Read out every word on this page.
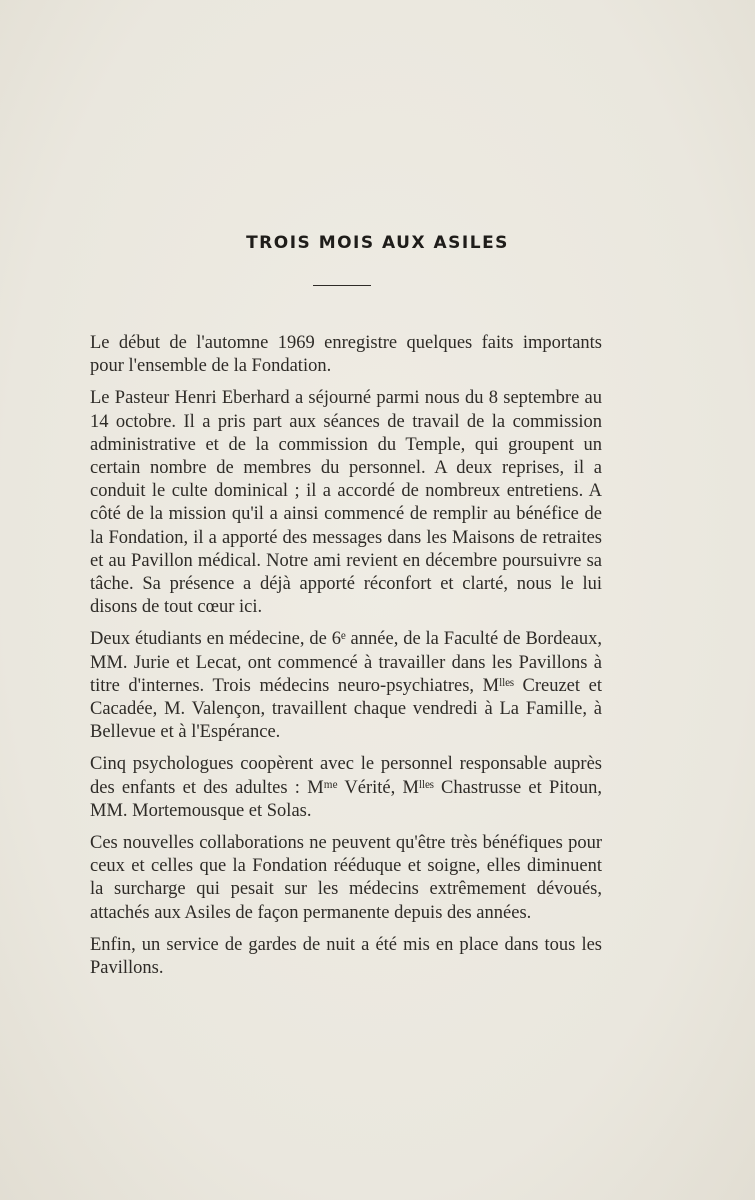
TROIS MOIS AUX ASILES

Le début de l'automne 1969 enregistre quelques faits importants pour l'ensemble de la Fondation.

Le Pasteur Henri Eberhard a séjourné parmi nous du 8 septembre au 14 octobre. Il a pris part aux séances de travail de la commission administrative et de la commission du Temple, qui groupent un certain nombre de membres du personnel. A deux reprises, il a conduit le culte dominical ; il a accordé de nombreux entretiens. A côté de la mission qu'il a ainsi commencé de remplir au bénéfice de la Fondation, il a apporté des messages dans les Maisons de retraites et au Pavillon médical. Notre ami revient en décembre poursuivre sa tâche. Sa présence a déjà apporté réconfort et clarté, nous le lui disons de tout cœur ici.

Deux étudiants en médecine, de 6ᵉ année, de la Faculté de Bordeaux, MM. Jurie et Lecat, ont commencé à travailler dans les Pavillons à titre d'internes. Trois médecins neuro-psychiatres, Mˡˡᵉˢ Creuzet et Cacadée, M. Valençon, travaillent chaque vendredi à La Famille, à Bellevue et à l'Espérance.

Cinq psychologues coopèrent avec le personnel responsable auprès des enfants et des adultes : Mᵐᵉ Vérité, Mˡˡᵉˢ Chastrusse et Pitoun, MM. Mortemousque et Solas.

Ces nouvelles collaborations ne peuvent qu'être très bénéfiques pour ceux et celles que la Fondation rééduque et soigne, elles diminuent la surcharge qui pesait sur les médecins extrêmement dévoués, attachés aux Asiles de façon permanente depuis des années.

Enfin, un service de gardes de nuit a été mis en place dans tous les Pavillons.
